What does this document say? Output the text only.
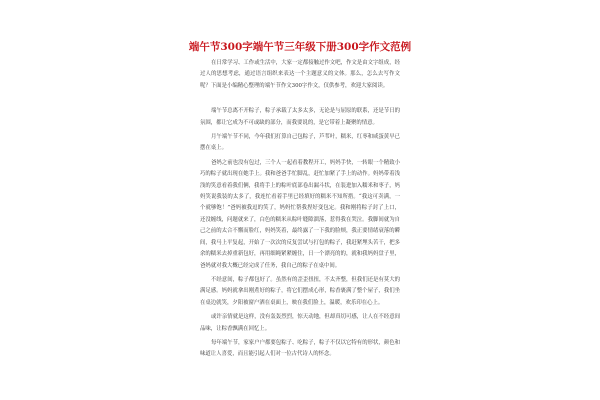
端午节300字端午节三年级下册300字作文范例

在日常学习、工作或生活中，大家一定都接触过作文吧，作文是由文字组成，经过人的思想考虑，通过语言组织来表达一个主题意义的文体。那么，怎么去写作文呢？下面是小编精心整理的端午节作文300字作文，仅供参考，欢迎大家阅读。

端午节总离不开粽子，粽子承载了太多太多，无论是与屈原的联系，还是节日的氛围，都让它成为不可或缺的部分，而我要说的，是它带着上凝聚的情意。

月午端午节不同，今年我们打算自己包粽子，芦苇叶，糯米，红枣和咸蛋黄早已摆在桌上。

爸妈之前也没有包过，三个人一起看着教程开工，妈妈手快，一转眼一个精致小巧的粽子就出现在她手上。我和爸爸手忙脚乱，赶忙加紧了手上的动作。妈妈带着浅浅的笑意看着我们俩，我将手上的粽叶底部卷出漏斗状，在装进加入糯米和枣子，妈妈笑说我装的太多了，我连忙看着手里已经填好的糯米不知所措。“我这可卖满，一个就够饱！”爸妈被我逗的笑了，妈妈忙帮我捏好变包定。我和刚将粽子封了上口，还没缠线，问题就来了，白色的糯米从粽叶缝隙溜落，惹得我在哭泣。我脚间就为自己之前的太合不懈而脸红，妈妈笑着，最终露了一下我的脸颊，我正要情绪衰落的瞬间，我马上平复起，开始了一次次的反复尝试与打包的粽子，我赶紧埋头苦干，把多余的糯米去掉重新包好，再用细绳紧紧缠住，日一个漂亮的的，就和我妈妈盘子里，爸妈就对我大概已经完成了任务，我自己的粽子在桌中间。

不经意间，粽子都包好了。虽然有的歪歪扭扭，不太齐整，但我们还是有莫大的满足感。妈妈就拿出刚煮好的粽子，将它们摆成心形，粽香裹满了整个屋子，我们坐在桌边就笑，夕阳被窗户洒在桌面上，映在我们脸上，温暖，欢乐印在心上。

或许亲情就是这样，没有轰轰烈烈，惊天动地，但却真切可感，让人在不经意间品味，让粽香飘满在回忆上。

每年端午节，家家户户都要包粽子、吃粽子，粽子不仅以它特有的形状，颜色和味道让人喜爱，而且能引起人们对一位古代诗人的怀念。
